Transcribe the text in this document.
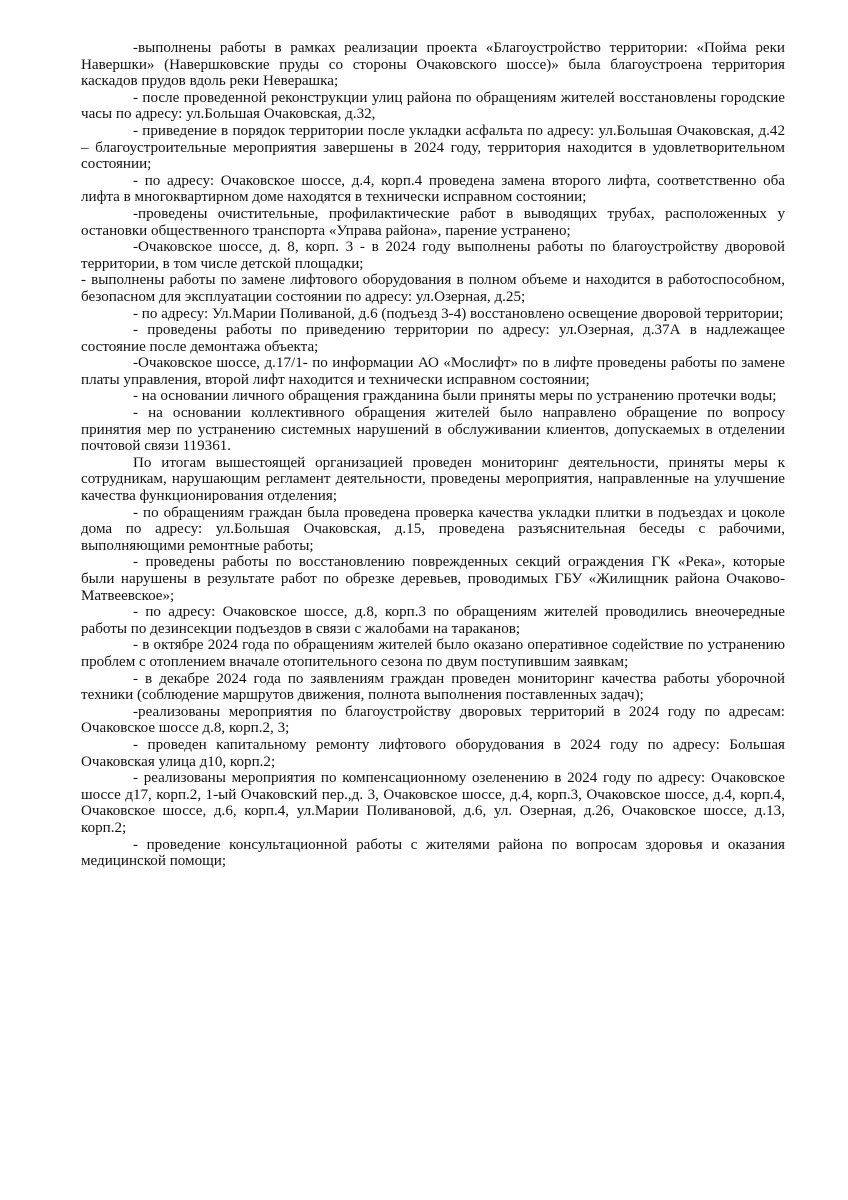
-выполнены работы в рамках реализации проекта «Благоустройство территории: «Пойма реки Навершки» (Навершковские пруды со стороны Очаковского шоссе)» была благоустроена территория каскадов прудов вдоль реки Неверашка;

- после проведенной реконструкции улиц района по обращениям жителей восстановлены городские часы по адресу: ул.Большая Очаковская, д.32,

- приведение в порядок территории после укладки асфальта по адресу: ул.Большая Очаковская, д.42 – благоустроительные мероприятия завершены в 2024 году, территория находится в удовлетворительном состоянии;

- по адресу: Очаковское шоссе, д.4, корп.4 проведена замена второго лифта, соответственно оба лифта в многоквартирном доме находятся в технически исправном состоянии;

-проведены очистительные, профилактические работ в выводящих трубах, расположенных у остановки общественного транспорта «Управа района», парение устранено;

-Очаковское шоссе, д. 8, корп. 3 - в 2024 году выполнены работы по благоустройству дворовой территории, в том числе детской площадки;

- выполнены работы по замене лифтового оборудования в полном объеме и находится в работоспособном, безопасном для эксплуатации состоянии по адресу: ул.Озерная, д.25;

- по адресу: Ул.Марии Поливаной, д.6 (подъезд 3-4) восстановлено освещение дворовой территории;

- проведены работы по приведению территории по адресу: ул.Озерная, д.37А в надлежащее состояние после демонтажа объекта;

-Очаковское шоссе, д.17/1- по информации АО «Мослифт» по в лифте проведены работы по замене платы управления, второй лифт находится и технически исправном состоянии;

- на основании личного обращения гражданина были приняты меры по устранению протечки воды;

- на основании коллективного обращения жителей было направлено обращение по вопросу принятия мер по устранению системных нарушений в обслуживании клиентов, допускаемых в отделении почтовой связи 119361.

По итогам вышестоящей организацией проведен мониторинг деятельности, приняты меры к сотрудникам, нарушающим регламент деятельности, проведены мероприятия, направленные на улучшение качества функционирования отделения;

- по обращениям граждан была проведена проверка качества укладки плитки в подъездах и цоколе дома по адресу: ул.Большая Очаковская, д.15, проведена разъяснительная беседы с рабочими, выполняющими ремонтные работы;

- проведены работы по восстановлению поврежденных секций ограждения ГК «Река», которые были нарушены в результате работ по обрезке деревьев, проводимых ГБУ «Жилищник района Очаково-Матвеевское»;

- по адресу: Очаковское шоссе, д.8, корп.3 по обращениям жителей проводились внеочередные работы по дезинсекции подъездов в связи с жалобами на тараканов;

- в октябре 2024 года по обращениям жителей было оказано оперативное содействие по устранению проблем с отоплением вначале отопительного сезона по двум поступившим заявкам;

- в декабре 2024 года по заявлениям граждан проведен мониторинг качества работы уборочной техники (соблюдение маршрутов движения, полнота выполнения поставленных задач);

-реализованы мероприятия по благоустройству дворовых территорий в 2024 году по адресам: Очаковское шоссе д.8, корп.2, 3;

- проведен капитальному ремонту лифтового оборудования в 2024 году по адресу: Большая Очаковская улица д10, корп.2;

- реализованы мероприятия по компенсационному озеленению в 2024 году по адресу: Очаковское шоссе д17, корп.2, 1-ый Очаковский пер.,д. 3, Очаковское шоссе, д.4, корп.3, Очаковское шоссе, д.4, корп.4, Очаковское шоссе, д.6, корп.4, ул.Марии Поливановой, д.6, ул. Озерная, д.26, Очаковское шоссе, д.13, корп.2;

- проведение консультационной работы с жителями района по вопросам здоровья и оказания медицинской помощи;
